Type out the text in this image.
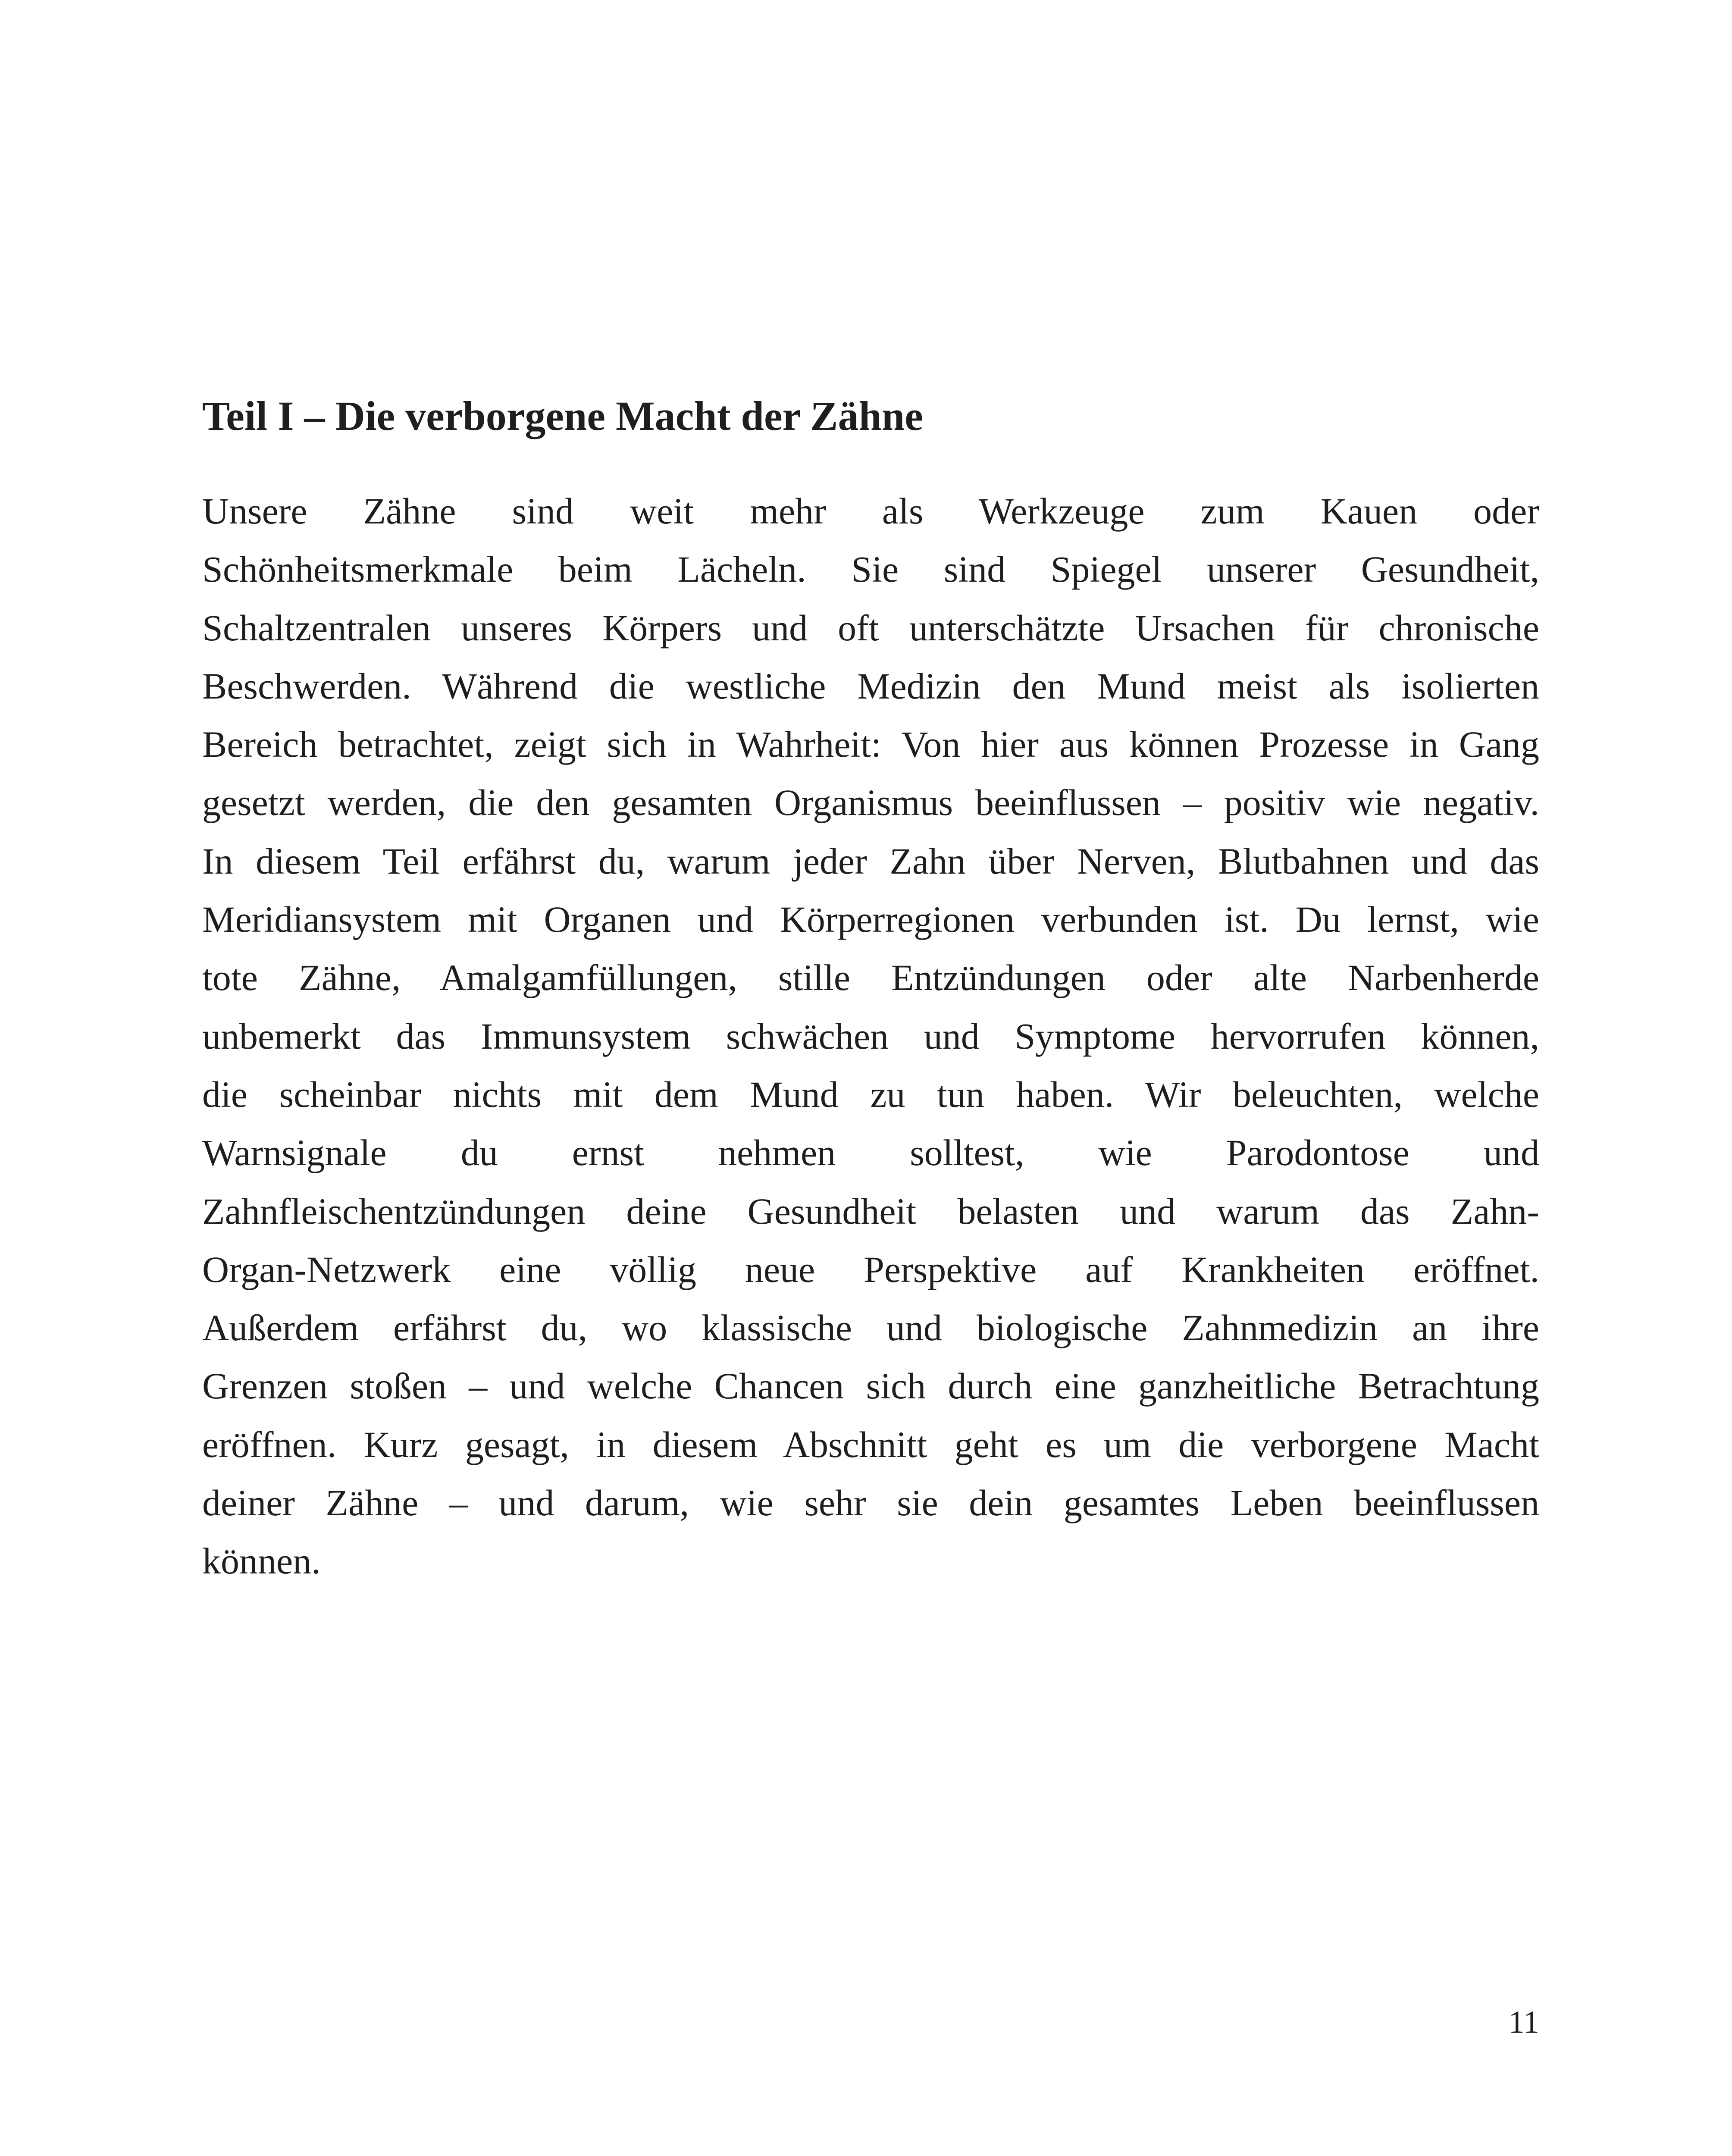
Teil I – Die verborgene Macht der Zähne
Unsere Zähne sind weit mehr als Werkzeuge zum Kauen oder
Schönheitsmerkmale beim Lächeln. Sie sind Spiegel unserer Gesundheit,
Schaltzentralen unseres Körpers und oft unterschätzte Ursachen für chronische
Beschwerden. Während die westliche Medizin den Mund meist als isolierten
Bereich betrachtet, zeigt sich in Wahrheit: Von hier aus können Prozesse in Gang
gesetzt werden, die den gesamten Organismus beeinflussen – positiv wie negativ.
In diesem Teil erfährst du, warum jeder Zahn über Nerven, Blutbahnen und das
Meridiansystem mit Organen und Körperregionen verbunden ist. Du lernst, wie
tote Zähne, Amalgamfüllungen, stille Entzündungen oder alte Narbenherde
unbemerkt das Immunsystem schwächen und Symptome hervorrufen können,
die scheinbar nichts mit dem Mund zu tun haben. Wir beleuchten, welche
Warnsignale du ernst nehmen solltest, wie Parodontose und
Zahnfleischentzündungen deine Gesundheit belasten und warum das Zahn-
Organ-Netzwerk eine völlig neue Perspektive auf Krankheiten eröffnet.
Außerdem erfährst du, wo klassische und biologische Zahnmedizin an ihre
Grenzen stoßen – und welche Chancen sich durch eine ganzheitliche Betrachtung
eröffnen. Kurz gesagt, in diesem Abschnitt geht es um die verborgene Macht
deiner Zähne – und darum, wie sehr sie dein gesamtes Leben beeinflussen
können.
11
